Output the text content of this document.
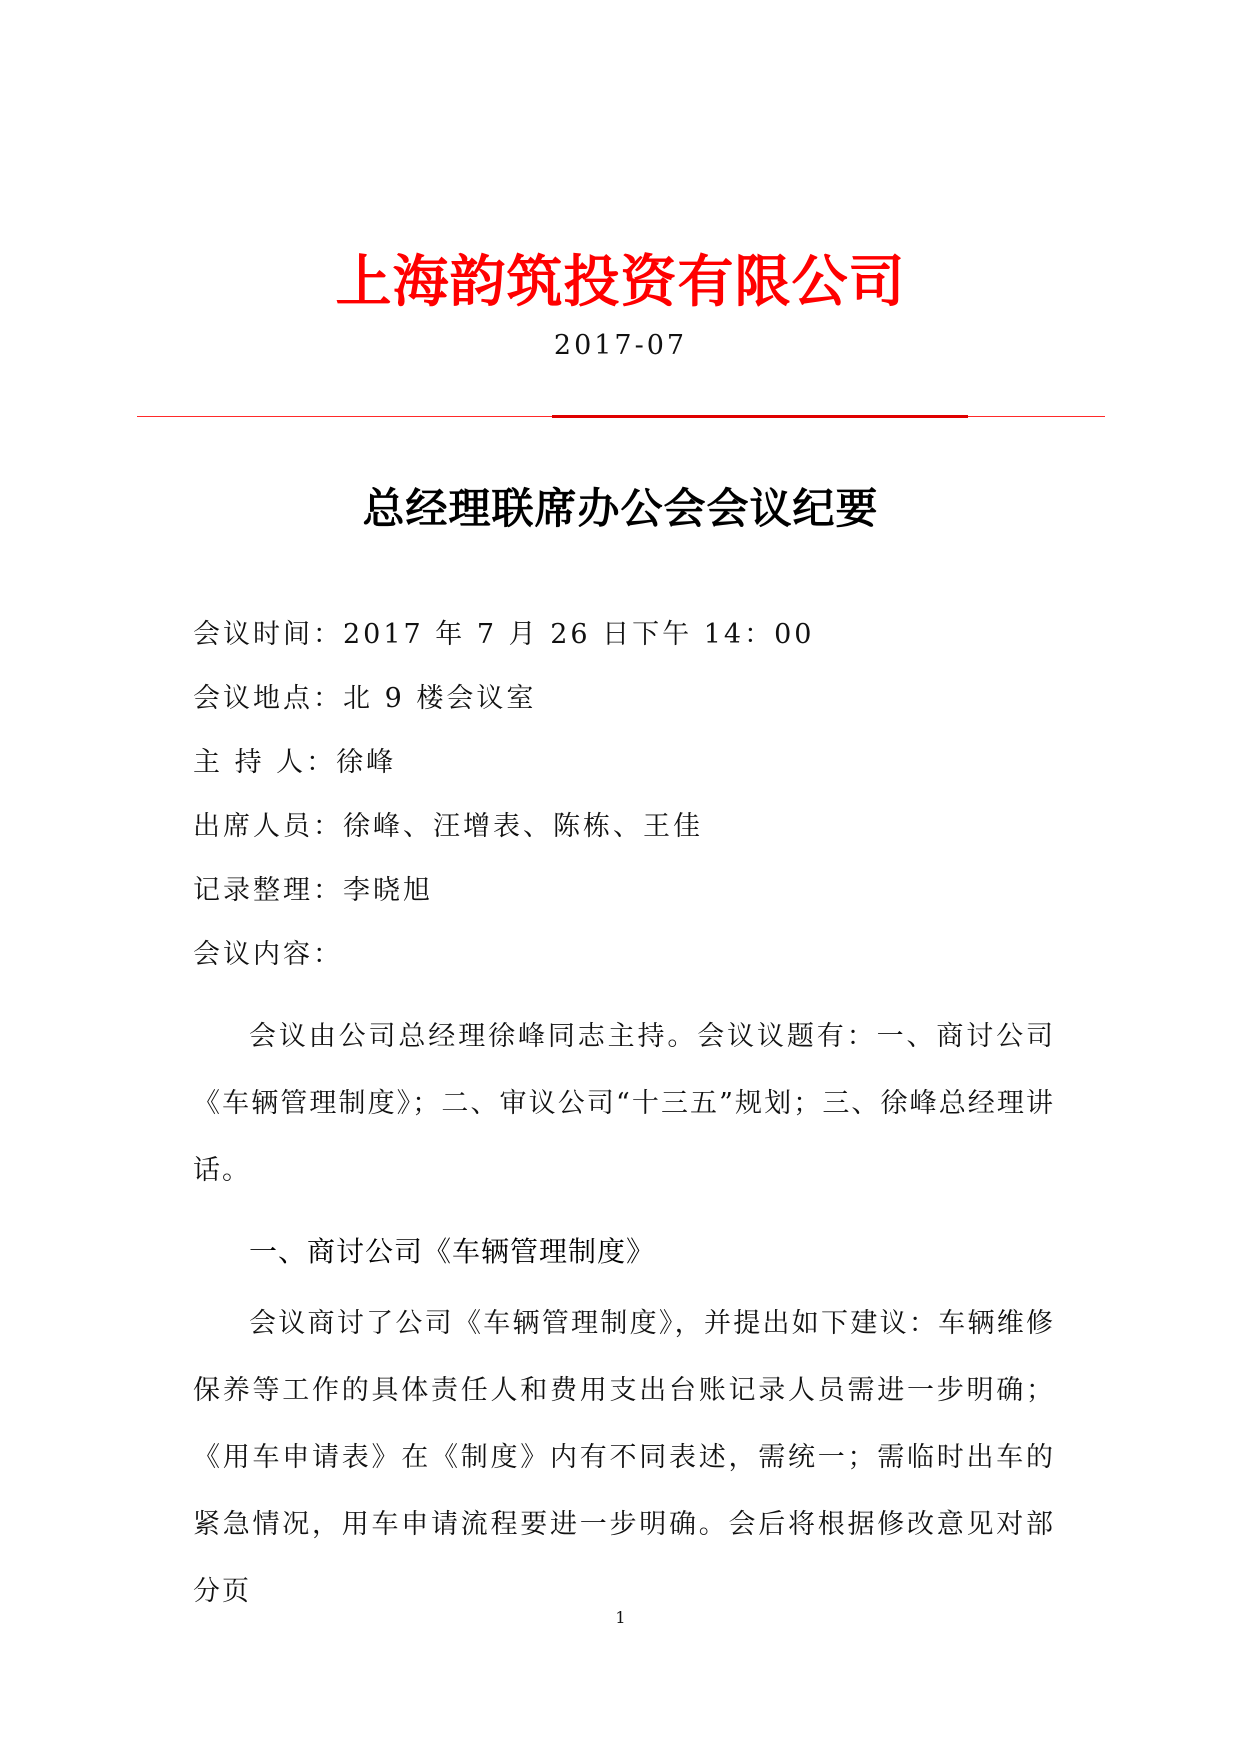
上海韵筑投资有限公司
2017-07
总经理联席办公会会议纪要
会议时间：2017 年 7 月 26 日下午 14：00
会议地点：北 9 楼会议室
主 持 人：徐峰
出席人员：徐峰、汪增表、陈栋、王佳
记录整理：李晓旭
会议内容：
会议由公司总经理徐峰同志主持。会议议题有：一、商讨公司《车辆管理制度》；二、审议公司“十三五”规划；三、徐峰总经理讲话。
一、商讨公司《车辆管理制度》
会议商讨了公司《车辆管理制度》，并提出如下建议：车辆维修保养等工作的具体责任人和费用支出台账记录人员需进一步明确；《用车申请表》在《制度》内有不同表述，需统一；需临时出车的紧急情况，用车申请流程要进一步明确。会后将根据修改意见对部分页
1
